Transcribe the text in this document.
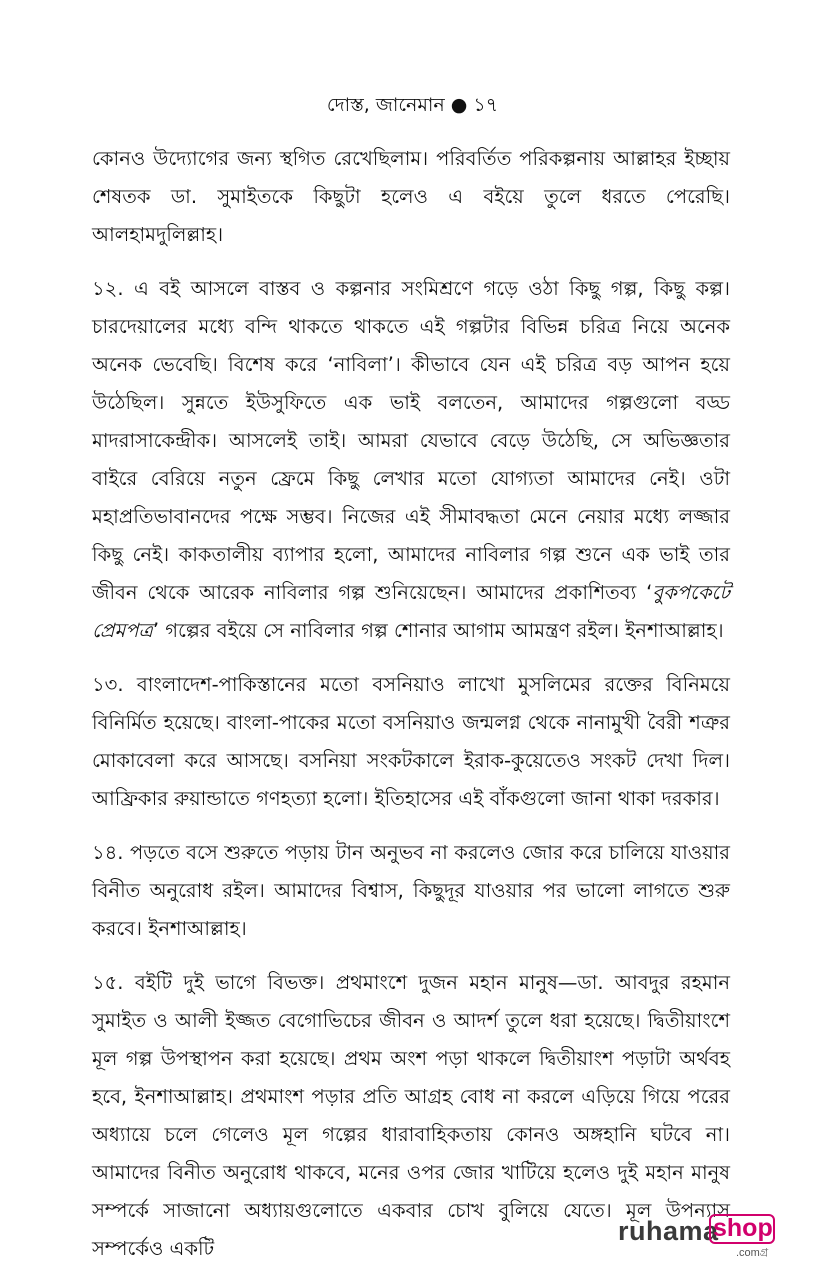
দোস্ত, জানেমান ● ১৭

কোনও উদ্যোগের জন্য স্থগিত রেখেছিলাম। পরিবর্তিত পরিকল্পনায় আল্লাহর ইচ্ছায় শেষতক ডা. সুমাইতকে কিছুটা হলেও এ বইয়ে তুলে ধরতে পেরেছি। আলহামদুলিল্লাহ।

১২. এ বই আসলে বাস্তব ও কল্পনার সংমিশ্রণে গড়ে ওঠা কিছু গল্প, কিছু কল্প। চারদেয়ালের মধ্যে বন্দি থাকতে থাকতে এই গল্পটার বিভিন্ন চরিত্র নিয়ে অনেক অনেক ভেবেছি। বিশেষ করে ‘নাবিলা’। কীভাবে যেন এই চরিত্র বড় আপন হয়ে উঠেছিল। সুন্নতে ইউসুফিতে এক ভাই বলতেন, আমাদের গল্পগুলো বড্ড মাদরাসাকেন্দ্রীক। আসলেই তাই। আমরা যেভাবে বেড়ে উঠেছি, সে অভিজ্ঞতার বাইরে বেরিয়ে নতুন ফ্রেমে কিছু লেখার মতো যোগ্যতা আমাদের নেই। ওটা মহাপ্রতিভাবানদের পক্ষে সম্ভব। নিজের এই সীমাবদ্ধতা মেনে নেয়ার মধ্যে লজ্জার কিছু নেই। কাকতালীয় ব্যাপার হলো, আমাদের নাবিলার গল্প শুনে এক ভাই তার জীবন থেকে আরেক নাবিলার গল্প শুনিয়েছেন। আমাদের প্রকাশিতব্য ‘বুকপকেটে প্রেমপত্র’ গল্পের বইয়ে সে নাবিলার গল্প শোনার আগাম আমন্ত্রণ রইল। ইনশাআল্লাহ।

১৩. বাংলাদেশ-পাকিস্তানের মতো বসনিয়াও লাখো মুসলিমের রক্তের বিনিময়ে বিনির্মিত হয়েছে। বাংলা-পাকের মতো বসনিয়াও জন্মলগ্ন থেকে নানামুখী বৈরী শত্রুর মোকাবেলা করে আসছে। বসনিয়া সংকটকালে ইরাক-কুয়েতেও সংকট দেখা দিল। আফ্রিকার রুয়ান্ডাতে গণহত্যা হলো। ইতিহাসের এই বাঁকগুলো জানা থাকা দরকার।

১৪. পড়তে বসে শুরুতে পড়ায় টান অনুভব না করলেও জোর করে চালিয়ে যাওয়ার বিনীত অনুরোধ রইল। আমাদের বিশ্বাস, কিছুদূর যাওয়ার পর ভালো লাগতে শুরু করবে। ইনশাআল্লাহ।

১৫. বইটি দুই ভাগে বিভক্ত। প্রথমাংশে দুজন মহান মানুষ—ডা. আবদুর রহমান সুমাইত ও আলী ইজ্জত বেগোভিচের জীবন ও আদর্শ তুলে ধরা হয়েছে। দ্বিতীয়াংশে মূল গল্প উপস্থাপন করা হয়েছে। প্রথম অংশ পড়া থাকলে দ্বিতীয়াংশ পড়াটা অর্থবহ হবে, ইনশাআল্লাহ। প্রথমাংশ পড়ার প্রতি আগ্রহ বোধ না করলে এড়িয়ে গিয়ে পরের অধ্যায়ে চলে গেলেও মূল গল্পের ধারাবাহিকতায় কোনও অঙ্গহানি ঘটবে না। আমাদের বিনীত অনুরোধ থাকবে, মনের ওপর জোর খাটিয়ে হলেও দুই মহান মানুষ সম্পর্কে সাজানো অধ্যায়গুলোতে একবার চোখ বুলিয়ে যেতে। মূল উপন্যাস সম্পর্কেও একটি

ruhama
shop
.comগ্র
